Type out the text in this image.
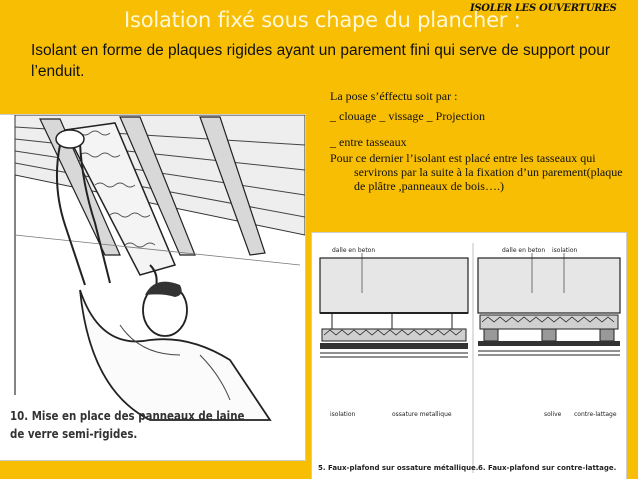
ISOLER LES OUVERTURES
Isolation fixé sous chape du plancher :

Isolant en forme de plaques rigides ayant un parement fini qui serve de support pour l’enduit.

La pose s’éffectu soit par :

_ clouage _ vissage _ Projection

_ entre tasseaux

Pour ce dernier l’isolant est placé entre les tasseaux qui servirons par la suite à la fixation d’un parement(plaque de plâtre ,panneaux de bois….)

10. Mise en place des panneaux de laine de verre semi-rigides.
dalle en beton
isolation	ossature metallique
5. Faux-plafond sur ossature métallique.
dalle en beton isolation
solive contre-lattage
6. Faux-plafond sur contre-lattage.
